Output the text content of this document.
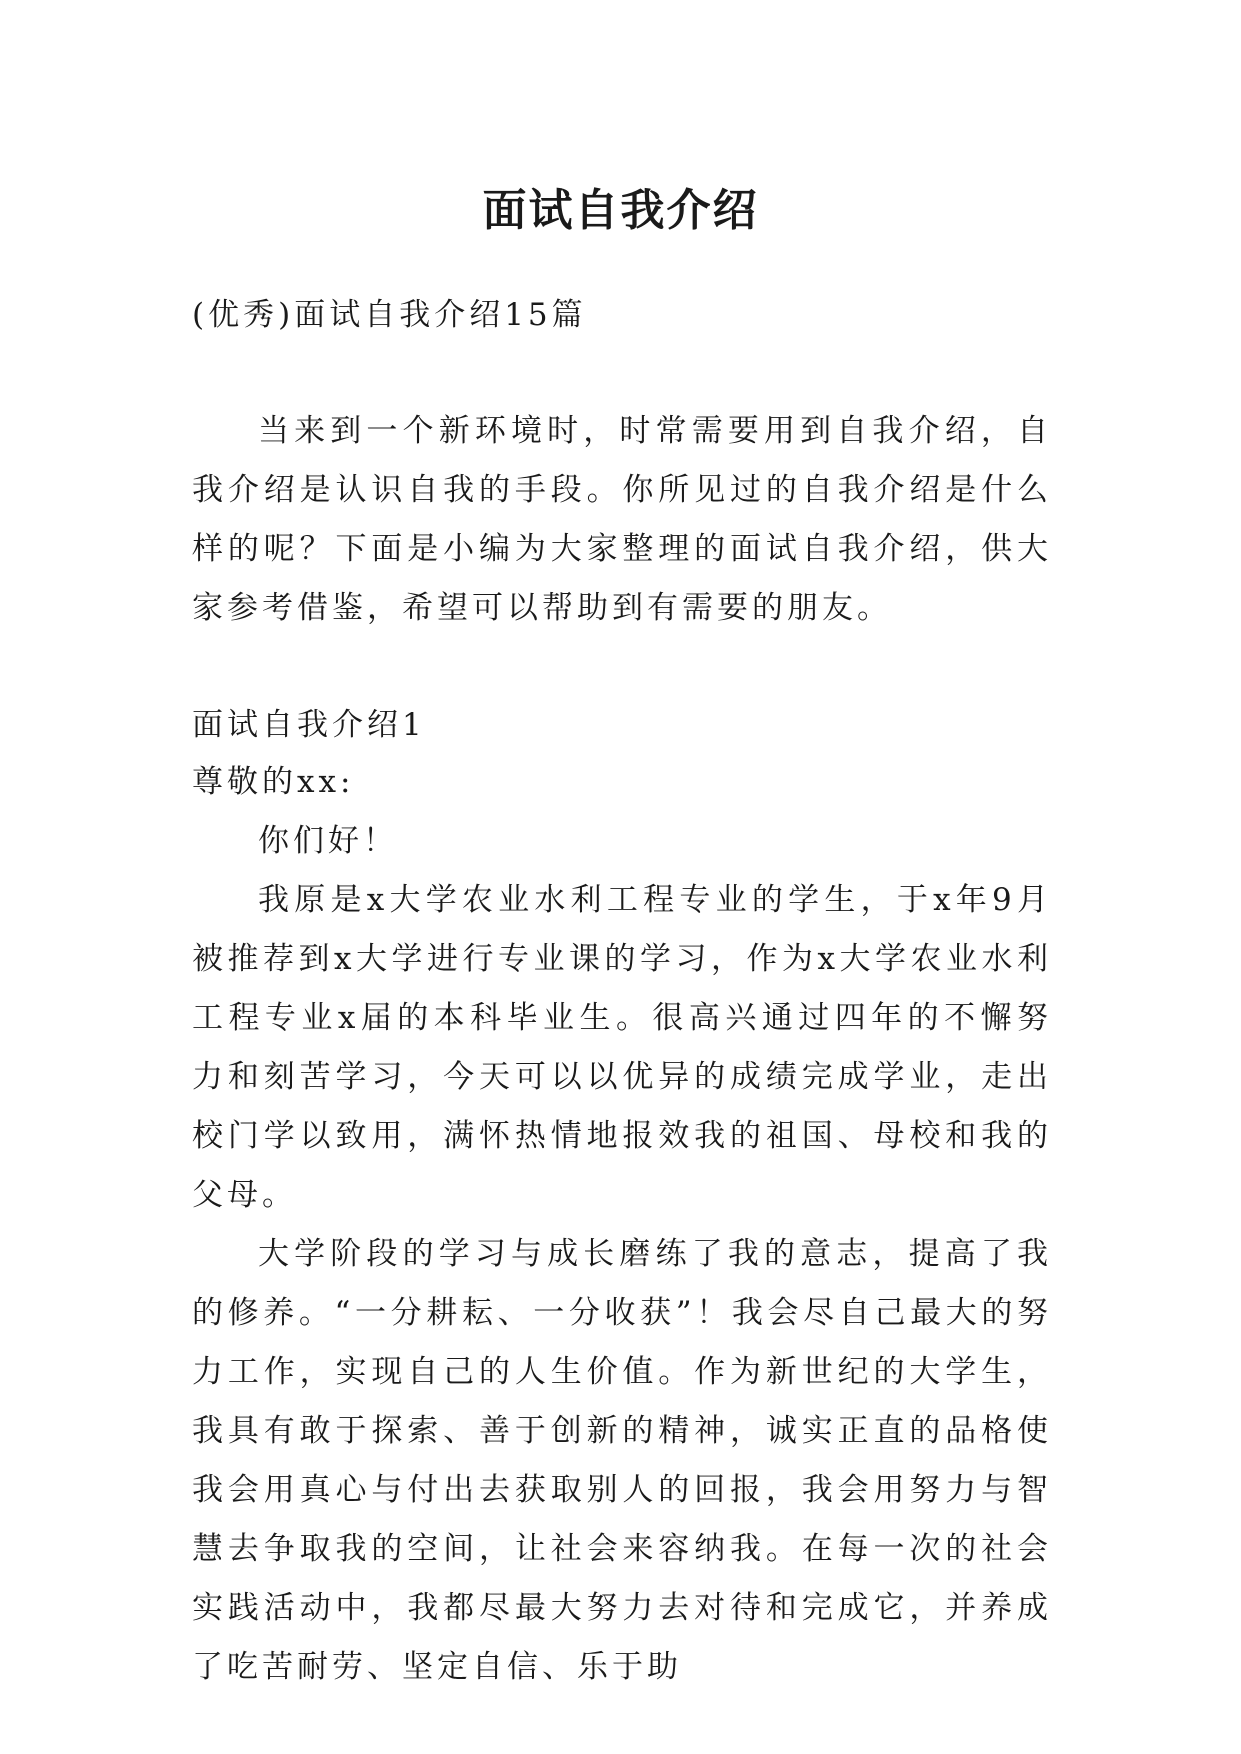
面试自我介绍
(优秀)面试自我介绍15篇
当来到一个新环境时，时常需要用到自我介绍，自我介绍是认识自我的手段。你所见过的自我介绍是什么样的呢？下面是小编为大家整理的面试自我介绍，供大家参考借鉴，希望可以帮助到有需要的朋友。
面试自我介绍1
尊敬的xx:

你们好！

我原是x大学农业水利工程专业的学生，于x年9月被推荐到x大学进行专业课的学习，作为x大学农业水利工程专业x届的本科毕业生。很高兴通过四年的不懈努力和刻苦学习，今天可以以优异的成绩完成学业，走出校门学以致用，满怀热情地报效我的祖国、母校和我的父母。

大学阶段的学习与成长磨练了我的意志，提高了我的修养。“一分耕耘、一分收获”！我会尽自己最大的努力工作，实现自己的人生价值。作为新世纪的大学生，我具有敢于探索、善于创新的精神，诚实正直的品格使我会用真心与付出去获取别人的回报，我会用努力与智慧去争取我的空间，让社会来容纳我。在每一次的社会实践活动中，我都尽最大努力去对待和完成它，并养成了吃苦耐劳、坚定自信、乐于助
